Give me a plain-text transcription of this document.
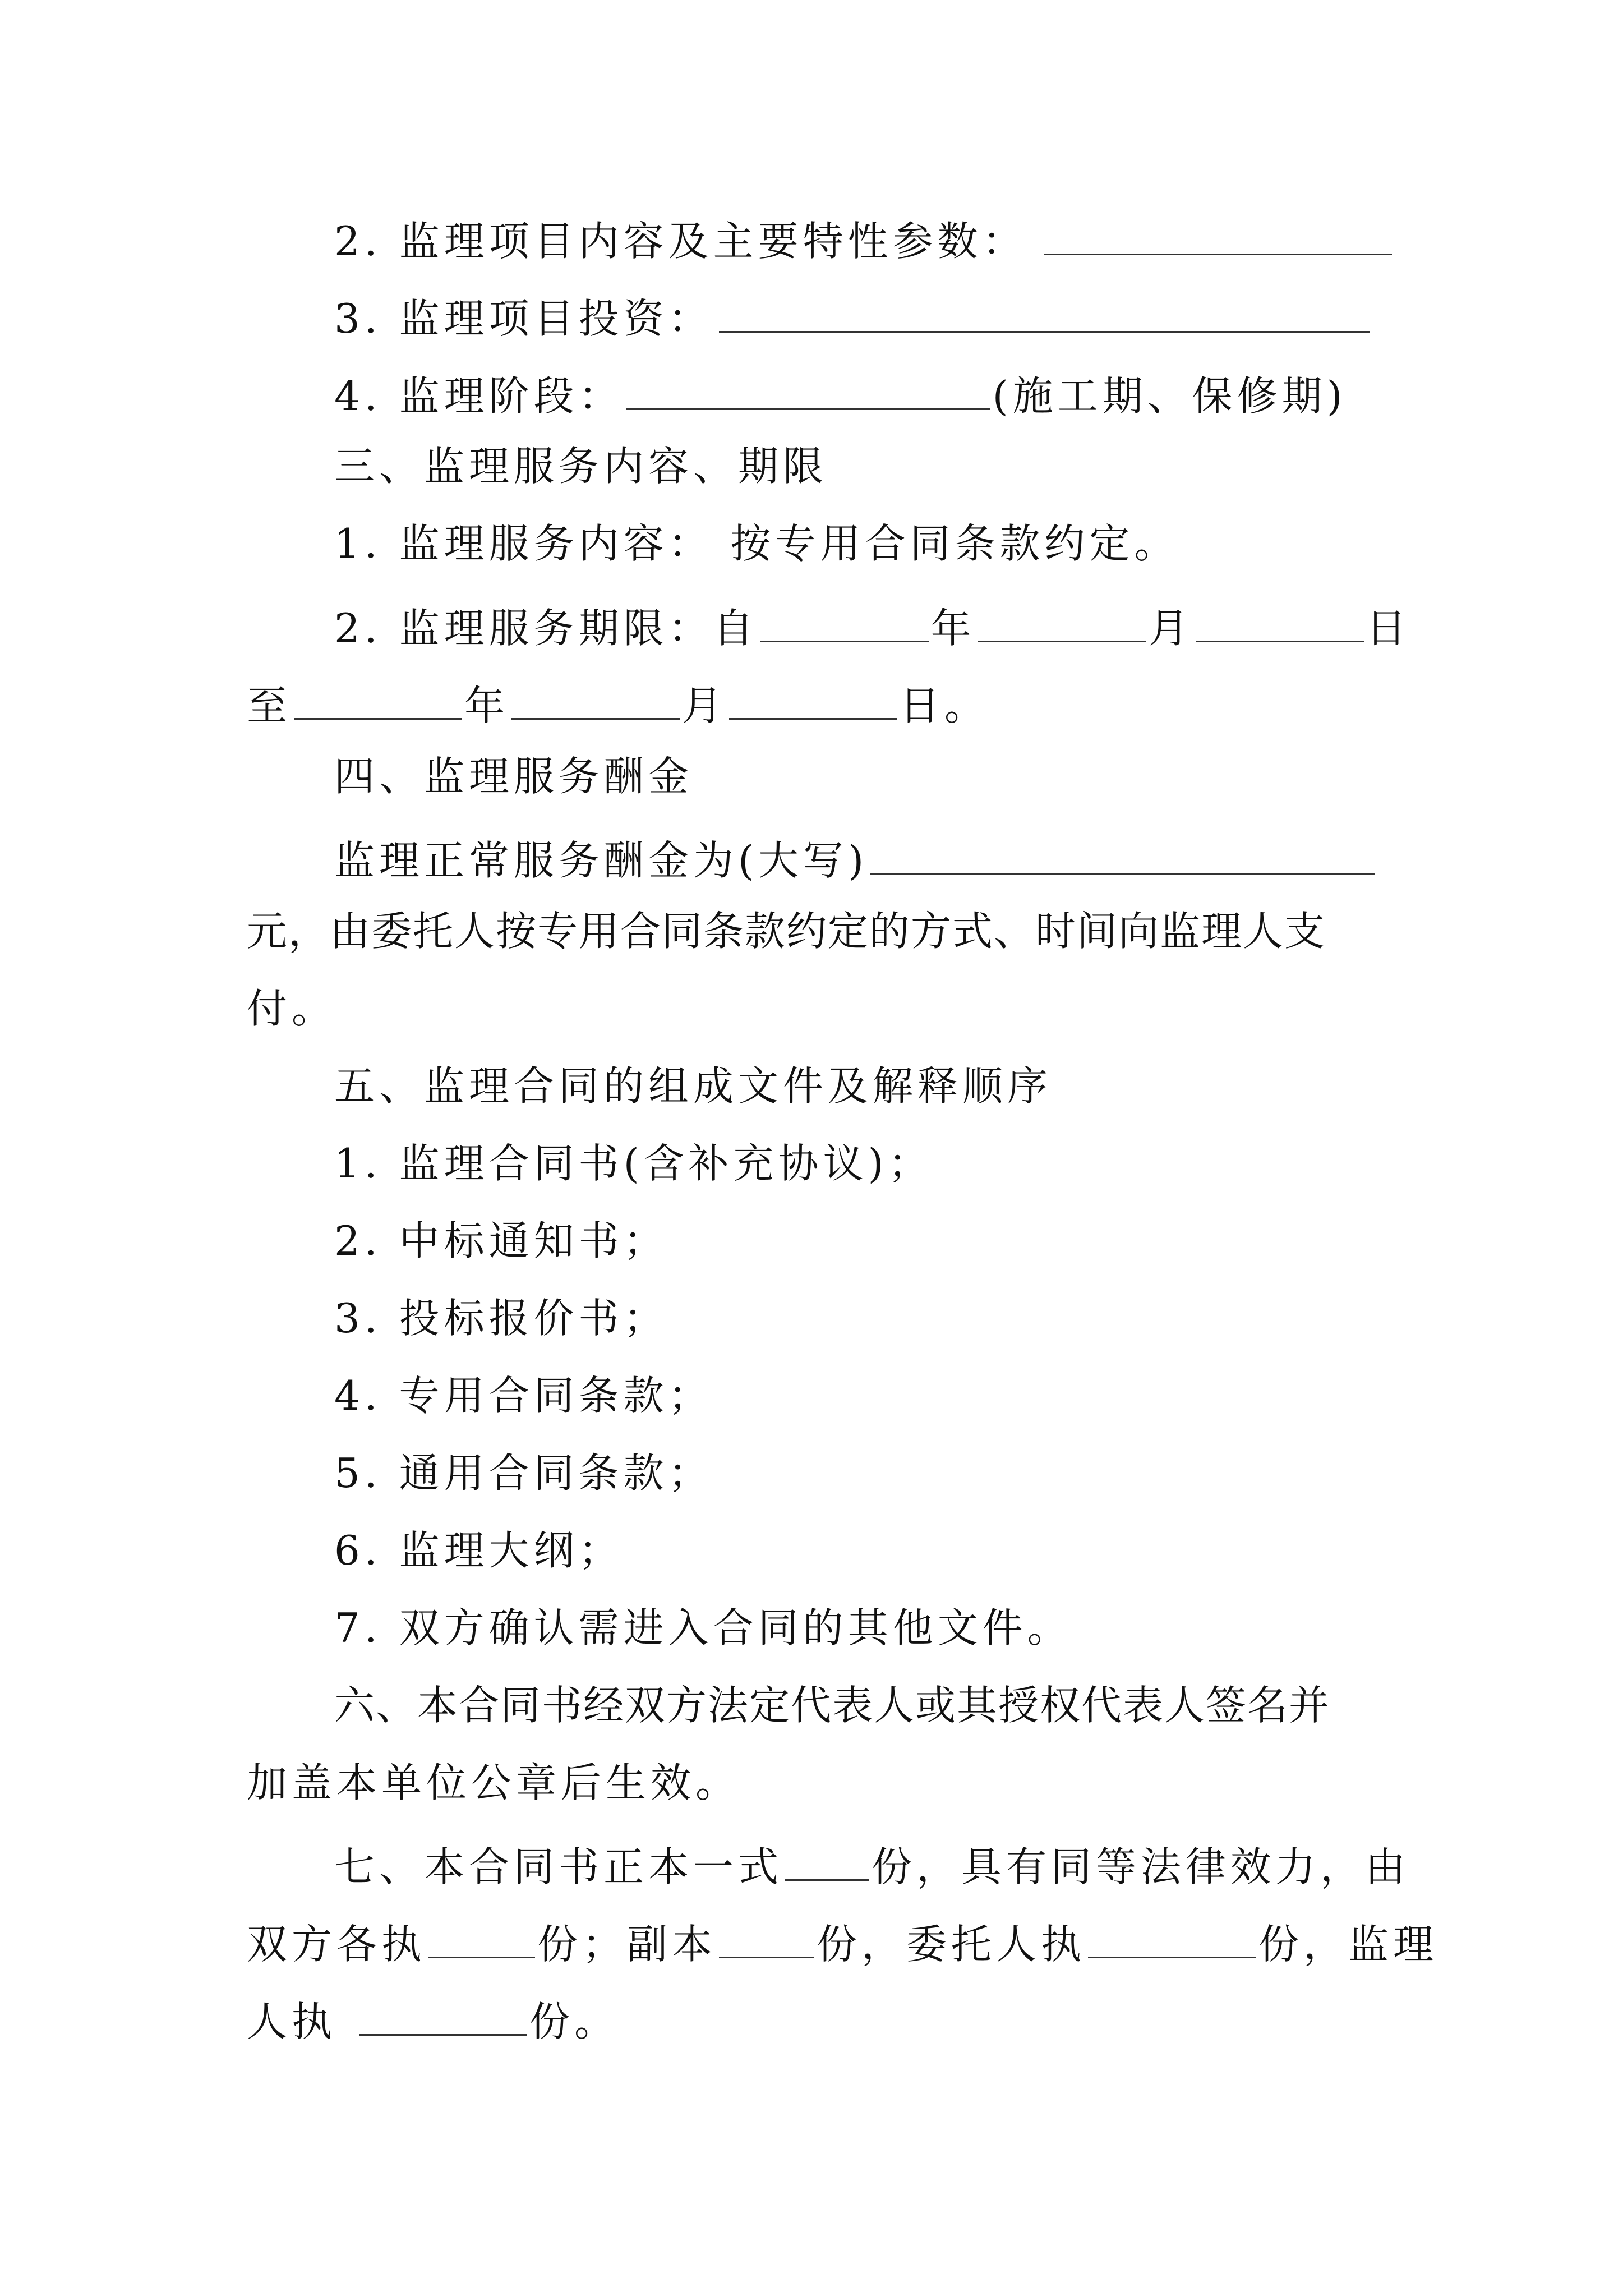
2. 监理项目内容及主要特性参数：
3. 监理项目投资：
4. 监理阶段：	(施工期、保修期)
三、监理服务内容、期限
1. 监理服务内容： 按专用合同条款约定。
2. 监理服务期限：自	年	月	日
至	年	月	日。
四、监理服务酬金
监理正常服务酬金为(大写)
元，由委托人按专用合同条款约定的方式、时间向监理人支
付。
五、监理合同的组成文件及解释顺序
1. 监理合同书(含补充协议)；
2. 中标通知书；
3. 投标报价书；
4. 专用合同条款；
5. 通用合同条款；
6. 监理大纲；
7. 双方确认需进入合同的其他文件。
六、本合同书经双方法定代表人或其授权代表人签名并
加盖本单位公章后生效。
七、本合同书正本一式 份，具有同等法律效力，由
双方各执	份；副本 份，委托人执	份，监理
人执	份。
